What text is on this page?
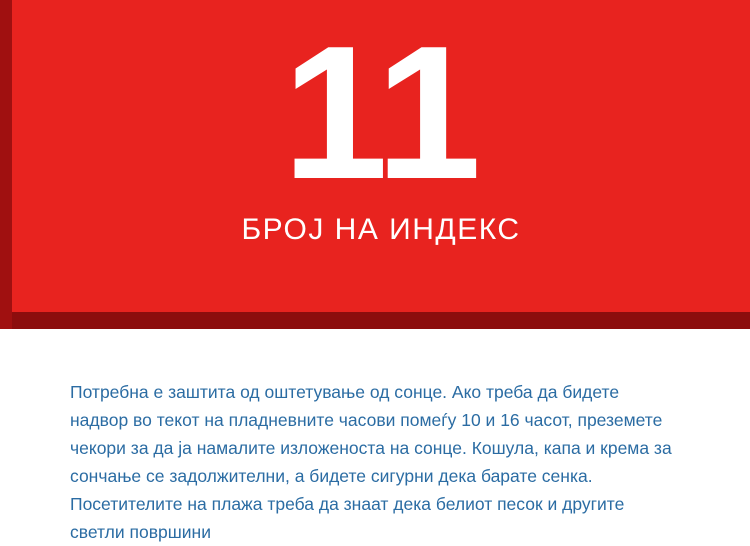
11
БРОЈ НА ИНДЕКС
Потребна е заштита од оштетување од сонце. Ако треба да бидете надвор во текот на пладневните часови помеѓу 10 и 16 часот, преземете чекори за да ја намалите изложеноста на сонце. Кошула, капа и крема за сончање се задолжителни, а бидете сигурни дека барате сенка. Посетителите на плажа треба да знаат дека белиот песок и другите светли површини
